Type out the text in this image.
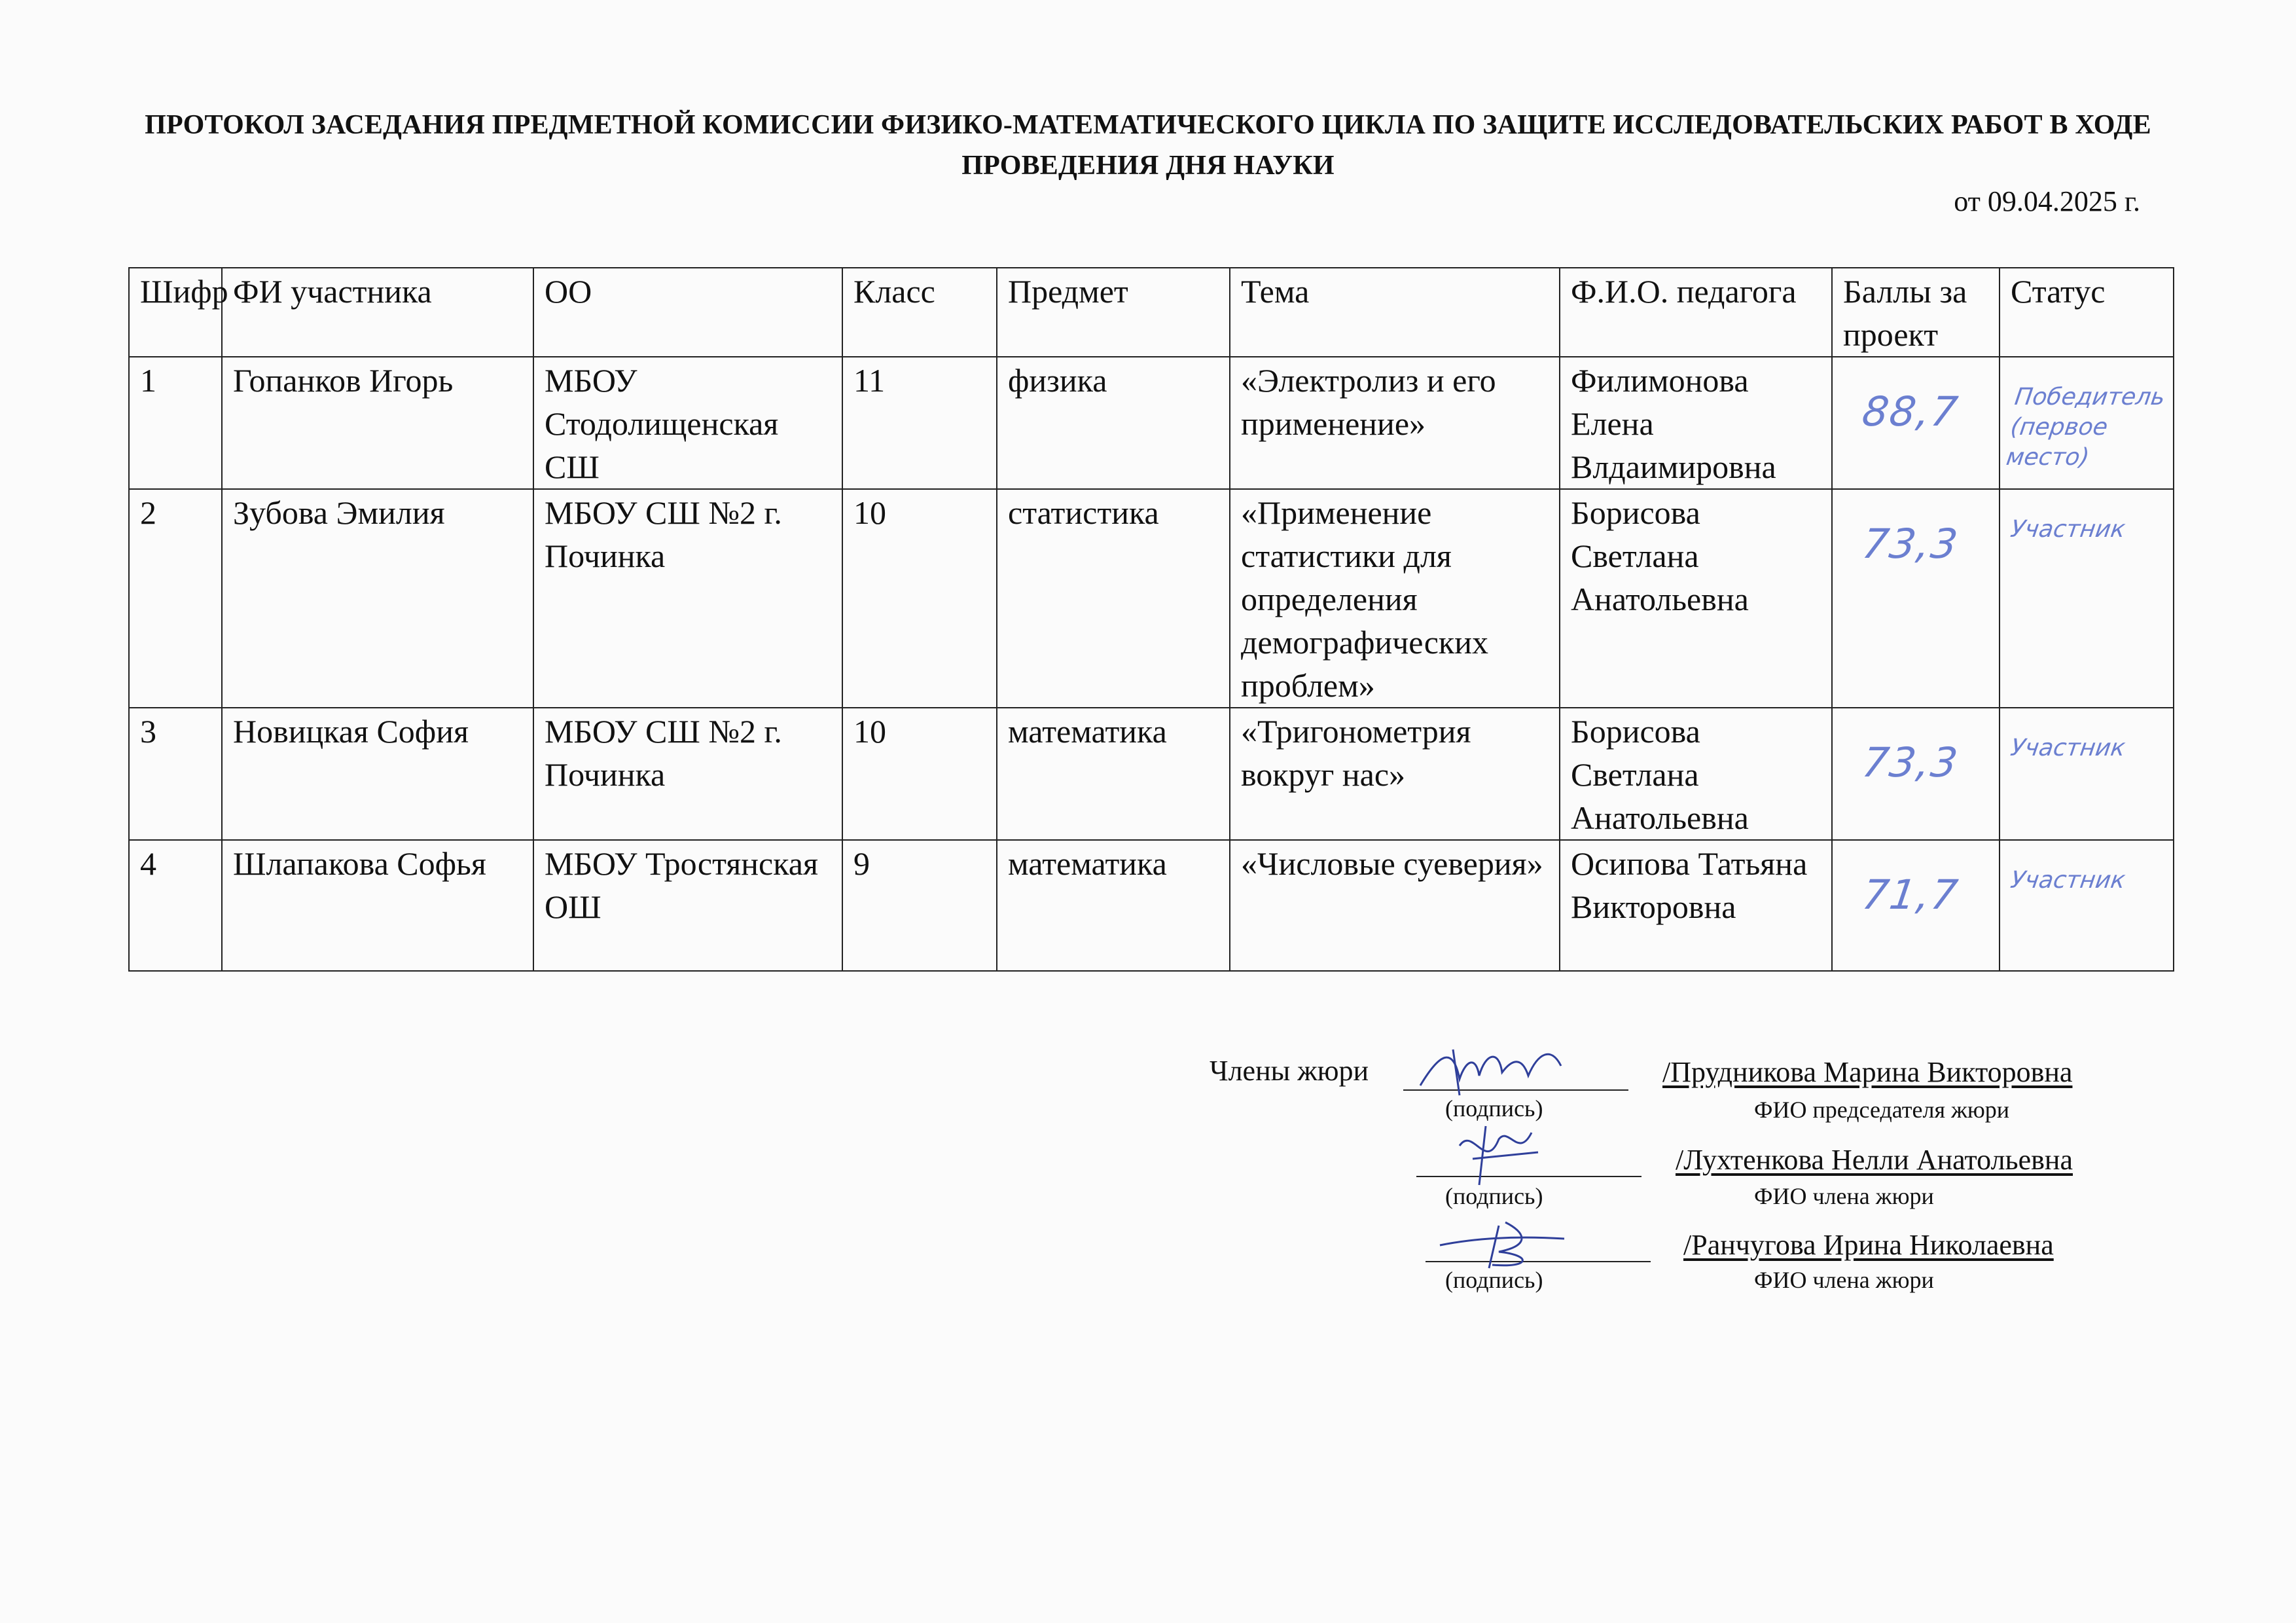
ПРОТОКОЛ ЗАСЕДАНИЯ ПРЕДМЕТНОЙ КОМИССИИ ФИЗИКО-МАТЕМАТИЧЕСКОГО ЦИКЛА ПО ЗАЩИТЕ ИССЛЕДОВАТЕЛЬСКИХ РАБОТ В ХОДЕ ПРОВЕДЕНИЯ ДНЯ НАУКИ
от 09.04.2025 г.
Шифр	ФИ участника	ОО	Класс	Предмет	Тема	Ф.И.О. педагога	Баллы за проект	Статус
1	Гопанков Игорь	МБОУ Стодолищенская СШ	11	физика	«Электролиз и его применение»	Филимонова Елена Влдаимировна	88,7	Победитель (первое место)

2	Зубова Эмилия	МБОУ СШ №2 г. Починка	10	статистика	«Применение статистики для определения демографических проблем»	Борисова Светлана Анатольевна	73,3	Участник

3	Новицкая София	МБОУ СШ №2 г. Починка	10	математика	«Тригонометрия вокруг нас»	Борисова Светлана Анатольевна	73,3	Участник

4	Шлапакова Софья	МБОУ Тростянская ОШ	9	математика	«Числовые суеверия»	Осипова Татьяна Викторовна	71,7	Участник
Члены жюри
(подпись)
/Прудникова Марина Викторовна
ФИО председателя жюри
(подпись)
/Лухтенкова Нелли Анатольевна
ФИО члена жюри
(подпись)
/Ранчугова Ирина Николаевна
ФИО члена жюри
